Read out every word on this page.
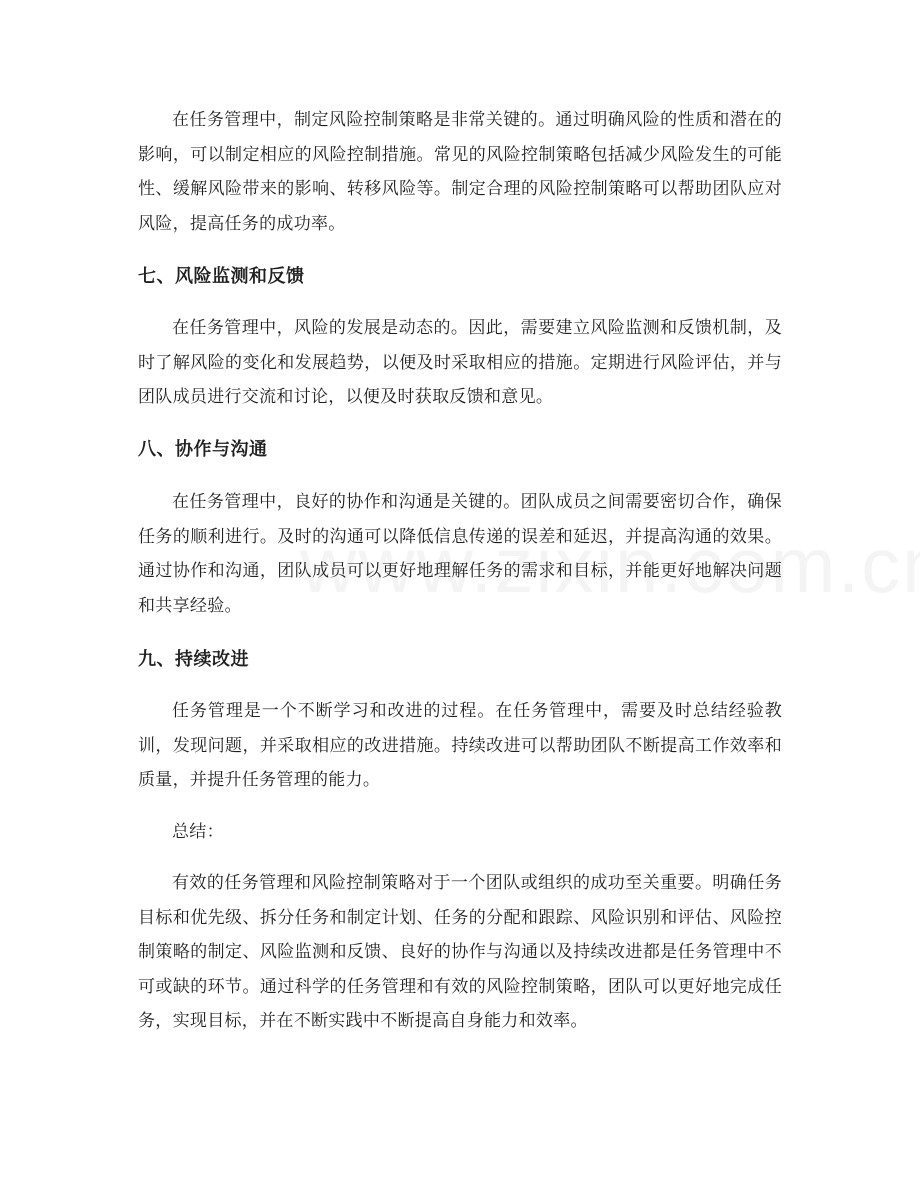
在任务管理中，制定风险控制策略是非常关键的。通过明确风险的性质和潜在的影响，可以制定相应的风险控制措施。常见的风险控制策略包括减少风险发生的可能性、缓解风险带来的影响、转移风险等。制定合理的风险控制策略可以帮助团队应对风险，提高任务的成功率。

七、风险监测和反馈

在任务管理中，风险的发展是动态的。因此，需要建立风险监测和反馈机制，及时了解风险的变化和发展趋势，以便及时采取相应的措施。定期进行风险评估，并与团队成员进行交流和讨论，以便及时获取反馈和意见。

八、协作与沟通

在任务管理中，良好的协作和沟通是关键的。团队成员之间需要密切合作，确保任务的顺利进行。及时的沟通可以降低信息传递的误差和延迟，并提高沟通的效果。通过协作和沟通，团队成员可以更好地理解任务的需求和目标，并能更好地解决问题和共享经验。

九、持续改进

任务管理是一个不断学习和改进的过程。在任务管理中，需要及时总结经验教训，发现问题，并采取相应的改进措施。持续改进可以帮助团队不断提高工作效率和质量，并提升任务管理的能力。

总结：

有效的任务管理和风险控制策略对于一个团队或组织的成功至关重要。明确任务目标和优先级、拆分任务和制定计划、任务的分配和跟踪、风险识别和评估、风险控制策略的制定、风险监测和反馈、良好的协作与沟通以及持续改进都是任务管理中不可或缺的环节。通过科学的任务管理和有效的风险控制策略，团队可以更好地完成任务，实现目标，并在不断实践中不断提高自身能力和效率。
